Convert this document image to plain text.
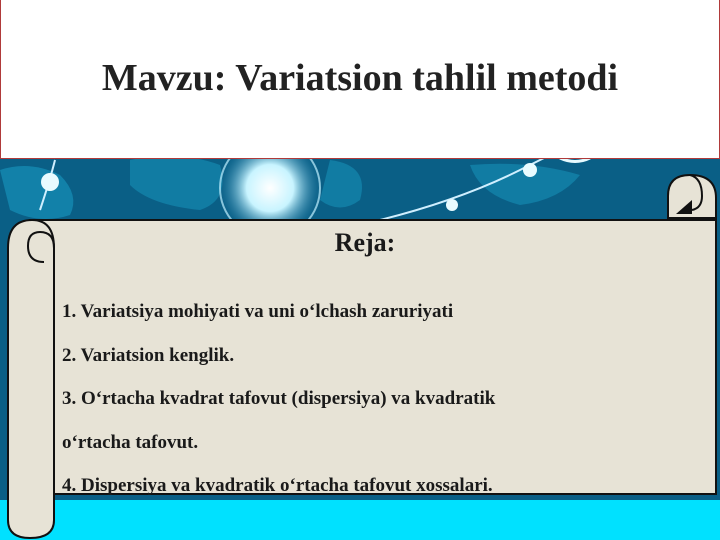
Mavzu: Variatsion tahlil metodi
Reja:
1. Variatsiya mohiyati va uni o‘lchash zaruriyati
2. Variatsion kenglik.
3. O‘rtacha kvadrat tafovut (dispersiya) va kvadratik
o‘rtacha tafovut.
4. Dispersiya va kvadratik o‘rtacha tafovut xossalari.
